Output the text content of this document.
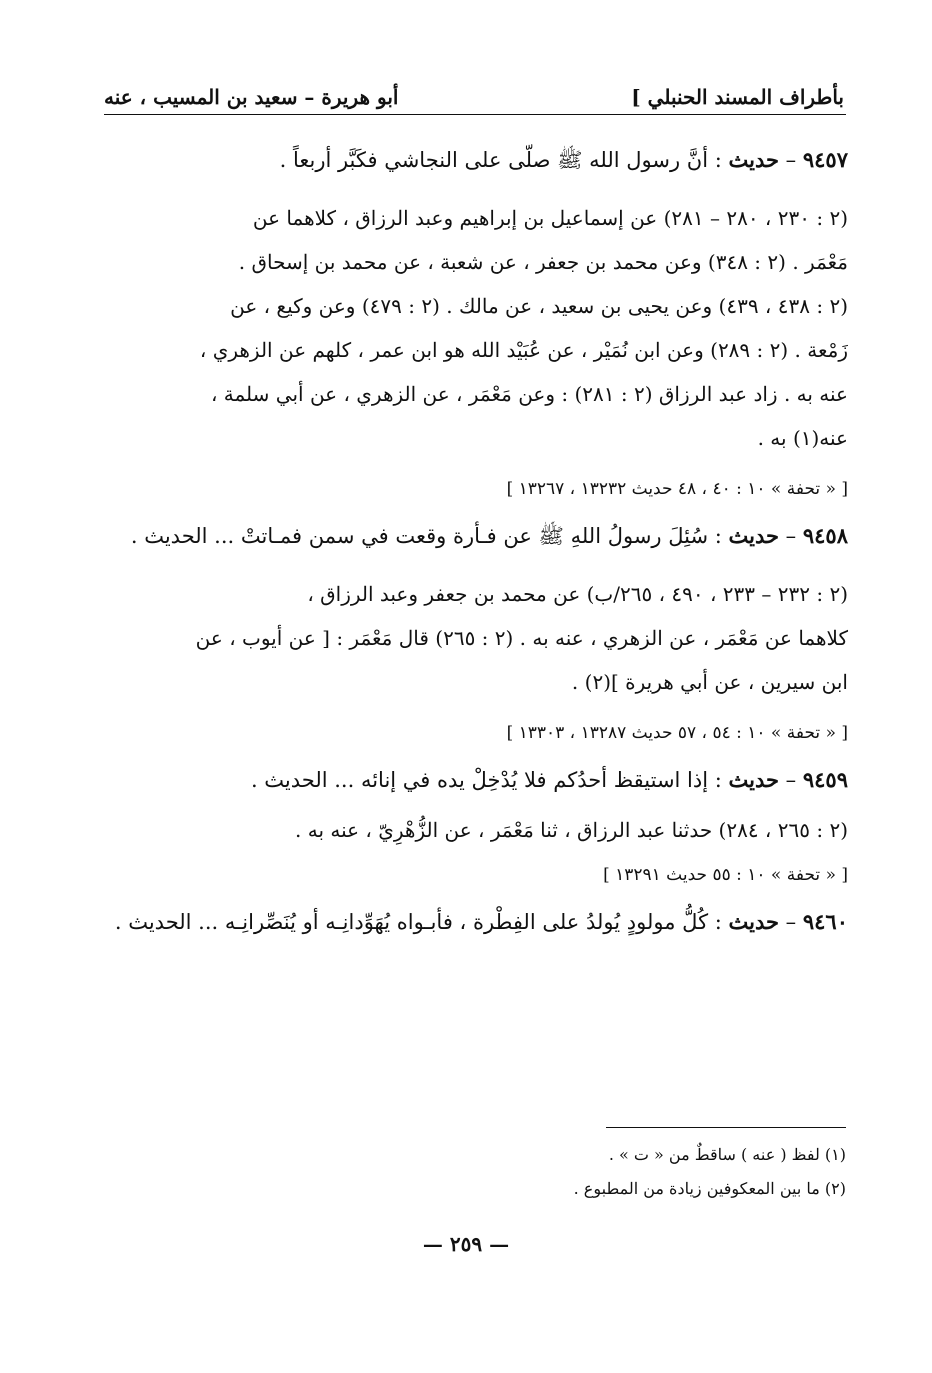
بأطراف المسند الحنبلي ]
أبو هريرة – سعيد بن المسيب ، عنه

٩٤٥٧ – حديث : أنَّ رسول الله ﷺ صلّى على النجاشي فكَبَّر أربعاً .

(٢ : ٢٣٠ ، ٢٨٠ – ٢٨١) عن إسماعيل بن إبراهيم وعبد الرزاق ، كلاهما عن

مَعْمَر . (٢ : ٣٤٨) وعن محمد بن جعفر ، عن شعبة ، عن محمد بن إسحاق .

(٢ : ٤٣٨ ، ٤٣٩) وعن يحيى بن سعيد ، عن مالك . (٢ : ٤٧٩) وعن وكيع ، عن

زَمْعة . (٢ : ٢٨٩) وعن ابن نُمَيْر ، عن عُبَيْد الله هو ابن عمر ، كلهم عن الزهري ،

عنه به . زاد عبد الرزاق (٢ : ٢٨١) : وعن مَعْمَر ، عن الزهري ، عن أبي سلمة ،

عنه(١) به .

[ « تحفة » ١٠ : ٤٠ ، ٤٨ حديث ١٣٢٣٢ ، ١٣٢٦٧ ]

٩٤٥٨ – حديث : سُئِلَ رسولُ اللهِ ﷺ عن فـأرة وقعت في سمن فمـاتتْ ... الحديث .

(٢ : ٢٣٢ – ٢٣٣ ، ٤٩٠ ، ٢٦٥/ب) عن محمد بن جعفر وعبد الرزاق ،

كلاهما عن مَعْمَر ، عن الزهري ، عنه به . (٢ : ٢٦٥) قال مَعْمَر : [ عن أيوب ، عن

ابن سيرين ، عن أبي هريرة ](٢) .

[ « تحفة » ١٠ : ٥٤ ، ٥٧ حديث ١٣٢٨٧ ، ١٣٣٠٣ ]

٩٤٥٩ – حديث : إذا استيقظ أحدُكم فلا يُدْخِلْ يده في إنائه ... الحديث .

(٢ : ٢٦٥ ، ٢٨٤) حدثنا عبد الرزاق ، ثنا مَعْمَر ، عن الزُّهْرِيّ ، عنه به .

[ « تحفة » ١٠ : ٥٥ حديث ١٣٢٩١ ]

٩٤٦٠ – حديث : كُلُّ مولودٍ يُولدُ على الفِطْرة ، فأبـواه يُهَوِّدانِـه أو يُنَصِّرانِـه ... الحديث .

(١) لفظ ( عنه ) ساقطٌ من « ت » .
(٢) ما بين المعكوفين زيادة من المطبوع .
— ٢٥٩ —
